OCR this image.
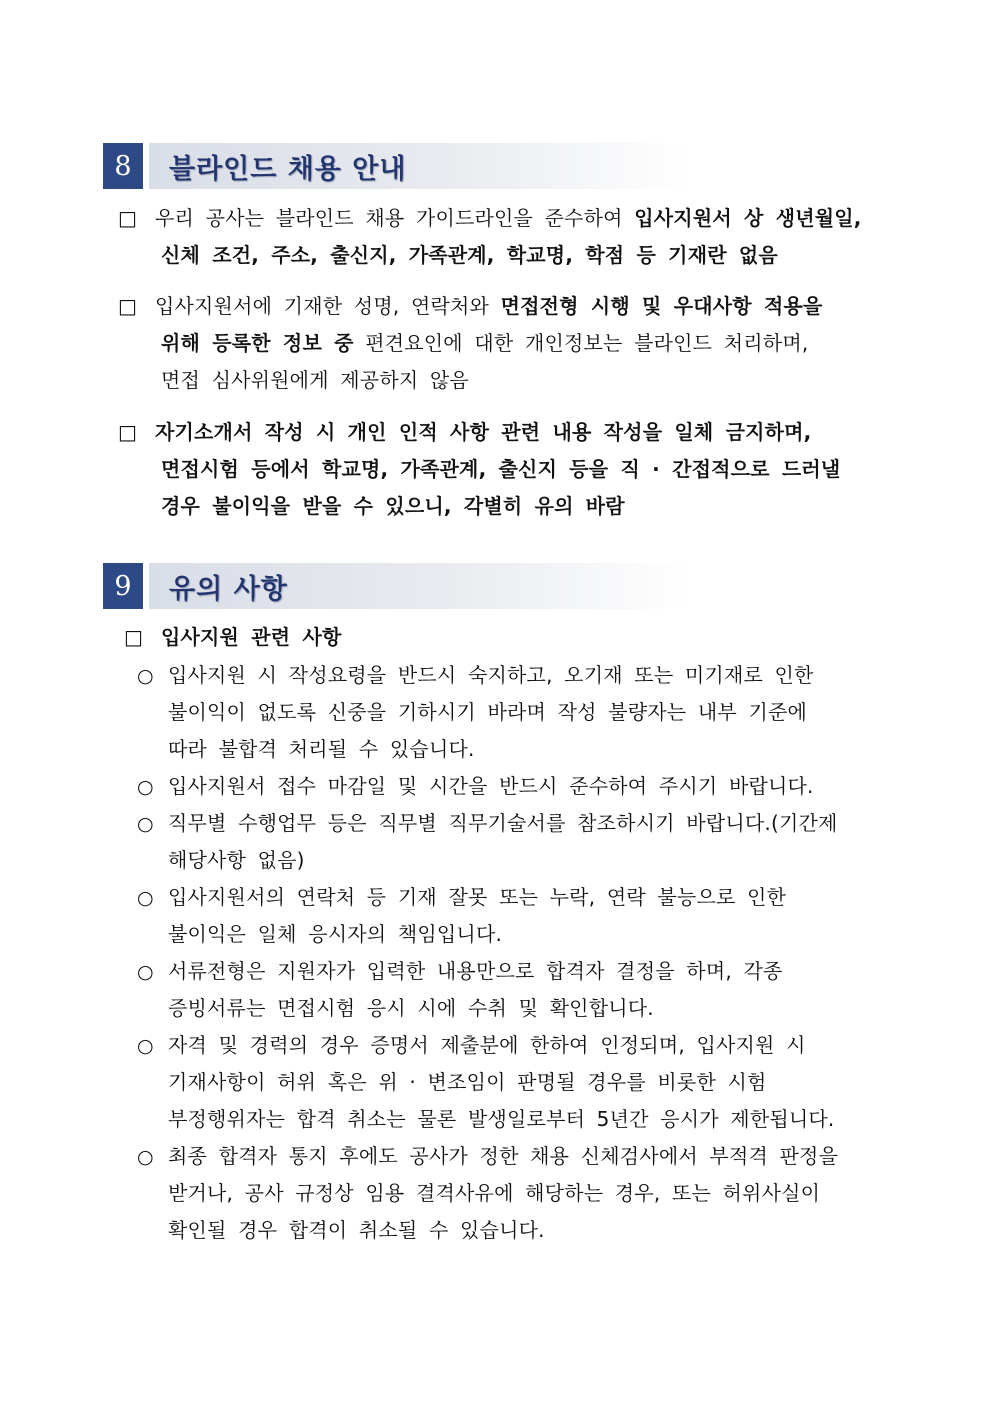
8	블라인드 채용 안내
□ 우리 공사는 블라인드 채용 가이드라인을 준수하여 입사지원서 상 생년월일,
신체 조건, 주소, 출신지, 가족관계, 학교명, 학점 등 기재란 없음
□ 입사지원서에 기재한 성명, 연락처와 면접전형 시행 및 우대사항 적용을
위해 등록한 정보 중 편견요인에 대한 개인정보는 블라인드 처리하며,
면접 심사위원에게 제공하지 않음
□ 자기소개서 작성 시 개인 인적 사항 관련 내용 작성을 일체 금지하며,
면접시험 등에서 학교명, 가족관계, 출신지 등을 직 · 간접적으로 드러낼
경우 불이익을 받을 수 있으니, 각별히 유의 바람
9	유의 사항
□ 입사지원 관련 사항
○ 입사지원 시 작성요령을 반드시 숙지하고, 오기재 또는 미기재로 인한
불이익이 없도록 신중을 기하시기 바라며 작성 불량자는 내부 기준에
따라 불합격 처리될 수 있습니다.
○ 입사지원서 접수 마감일 및 시간을 반드시 준수하여 주시기 바랍니다.
○ 직무별 수행업무 등은 직무별 직무기술서를 참조하시기 바랍니다.(기간제
해당사항 없음)
○ 입사지원서의 연락처 등 기재 잘못 또는 누락, 연락 불능으로 인한
불이익은 일체 응시자의 책임입니다.
○ 서류전형은 지원자가 입력한 내용만으로 합격자 결정을 하며, 각종
증빙서류는 면접시험 응시 시에 수취 및 확인합니다.
○ 자격 및 경력의 경우 증명서 제출분에 한하여 인정되며, 입사지원 시
기재사항이 허위 혹은 위 · 변조임이 판명될 경우를 비롯한 시험
부정행위자는 합격 취소는 물론 발생일로부터 5년간 응시가 제한됩니다.
○ 최종 합격자 통지 후에도 공사가 정한 채용 신체검사에서 부적격 판정을
받거나, 공사 규정상 임용 결격사유에 해당하는 경우, 또는 허위사실이
확인될 경우 합격이 취소될 수 있습니다.
